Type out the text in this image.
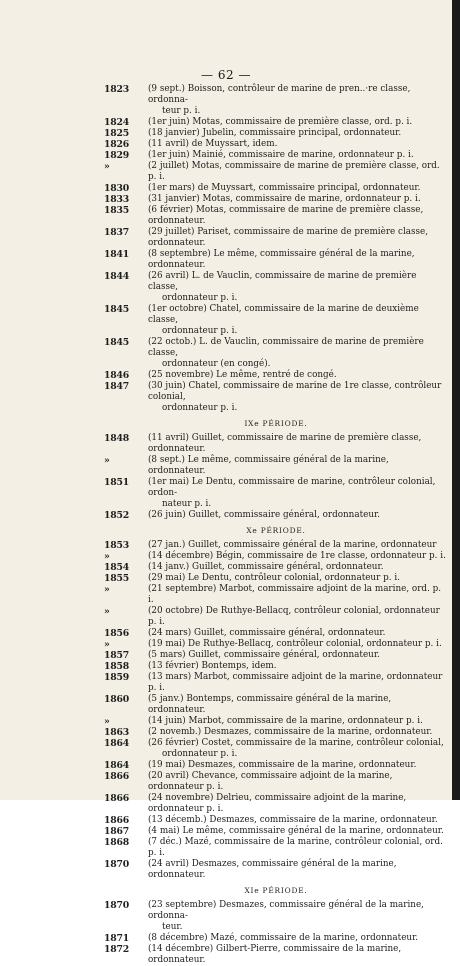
— 62 —
1823	(9 sept.) Boisson, contrôleur de marine de pren..·re classe, ordonna-
teur p. i.
1824	(1er juin) Motas, commissaire de première classe, ord. p. i.
1825	(18 janvier) Jubelin, commissaire principal, ordonnateur.
1826	(11 avril) de Muyssart, idem.
1829	(1er juin) Mainié, commissaire de marine, ordonnateur p. i.
»	(2 juillet) Motas, commissaire de marine de première classe, ord. p. i.
1830	(1er mars) de Muyssart, commissaire principal, ordonnateur.
1833	(31 janvier) Motas, commissaire de marine, ordonnateur p. i.
1835	(6 février) Motas, commissaire de marine de première classe, ordonnateur.
1837	(29 juillet) Pariset, commissaire de marine de première classe, ordonnateur.
1841	(8 septembre) Le même, commissaire général de la marine, ordonnateur.
1844	(26 avril) L. de Vauclin, commissaire de marine de première classe,
ordonnateur p. i.
1845	(1er octobre) Chatel, commissaire de la marine de deuxième classe,
ordonnateur p. i.
1845	(22 octob.) L. de Vauclin, commissaire de marine de première classe,
ordonnateur (en congé).
1846	(25 novembre) Le même, rentré de congé.
1847	(30 juin) Chatel, commissaire de marine de 1re classe, contrôleur colonial,
ordonnateur p. i.
IXe PÉRIODE.
1848	(11 avril) Guillet, commissaire de marine de première classe, ordonnateur.
»	(8 sept.) Le même, commissaire général de la marine, ordonnateur.
1851	(1er mai) Le Dentu, commissaire de marine, contrôleur colonial, ordon-
nateur p. i.
1852	(26 juin) Guillet, commissaire général, ordonnateur.
Xe PÉRIODE.
1853	(27 jan.) Guillet, commissaire général de la marine, ordonnateur
»	(14 décembre) Bégin, commissaire de 1re classe, ordonnateur p. i.
1854	(14 janv.) Guillet, commissaire général, ordonnateur.
1855	(29 mai) Le Dentu, contrôleur colonial, ordonnateur p. i.
»	(21 septembre) Marbot, commissaire adjoint de la marine, ord. p. i.
»	(20 octobre) De Ruthye-Bellacq, contrôleur colonial, ordonnateur p. i.
1856	(24 mars) Guillet, commissaire général, ordonnateur.
»	(19 mai) De Ruthye-Bellacq, contrôleur colonial, ordonnateur p. i.
1857	(5 mars) Guillet, commissaire général, ordonnateur.
1858	(13 février) Bontemps, idem.
1859	(13 mars) Marbot, commissaire adjoint de la marine, ordonnateur p. i.
1860	(5 janv.) Bontemps, commissaire général de la marine, ordonnateur.
»	(14 juin) Marbot, commissaire de la marine, ordonnateur p. i.
1863	(2 novemb.) Desmazes, commissaire de la marine, ordonnateur.
1864	(26 février) Costet, commissaire de la marine, contrôleur colonial,
ordonnateur p. i.
1864	(19 mai) Desmazes, commissaire de la marine, ordonnateur.
1866	(20 avril) Chevance, commissaire adjoint de la marine, ordonnateur p. i.
1866	(24 novembre) Delrieu, commissaire adjoint de la marine, ordonnateur p. i.
1866	(13 décemb.) Desmazes, commissaire de la marine, ordonnateur.
1867	(4 mai) Le même, commissaire général de la marine, ordonnateur.
1868	(7 déc.) Mazé, commissaire de la marine, contrôleur colonial, ord. p. i.
1870	(24 avril) Desmazes, commissaire général de la marine, ordonnateur.
XIe PÉRIODE.
1870	(23 septembre) Desmazes, commissaire général de la marine, ordonna-
teur.
1871	(8 décembre) Mazé, commissaire de la marine, ordonnateur.
1872	(14 décembre) Gilbert-Pierre, commissaire de la marine, ordonnateur.
